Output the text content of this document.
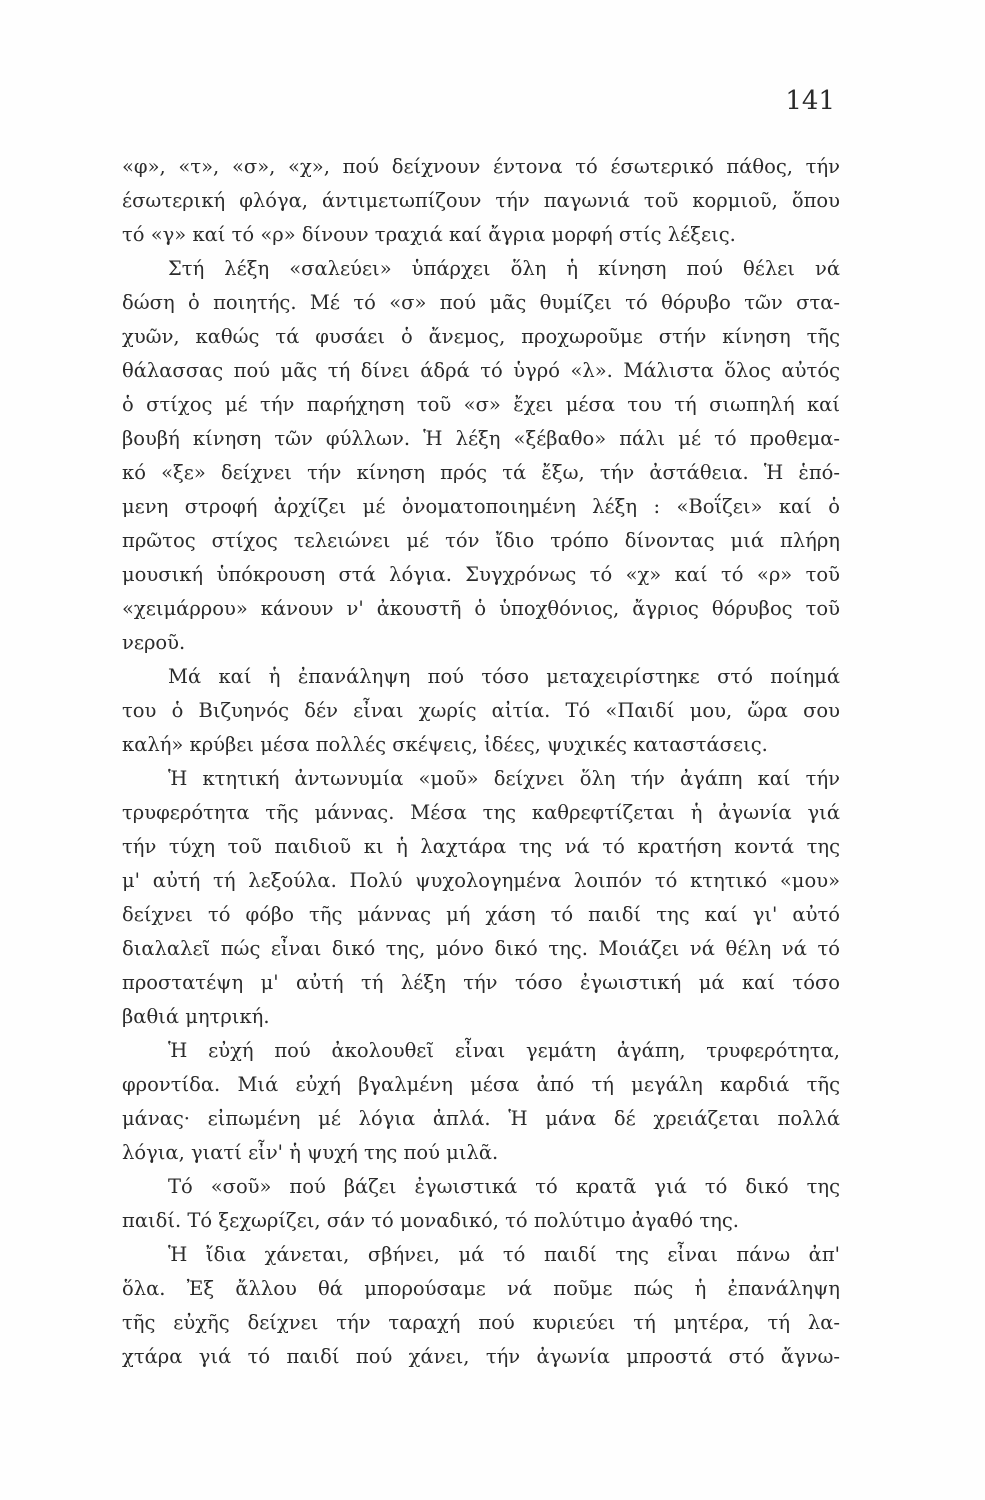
141
«φ», «τ», «σ», «χ», πού δείχνουν έντονα τό έσωτερικό πάθος, τήν
έσωτερική φλόγα, άντιμετωπίζουν τήν παγωνιά τοῦ κορμιοῦ, ὅπου
τό «γ» καί τό «ρ» δίνουν τραχιά καί ἄγρια μορφή στίς λέξεις.
Στή λέξη «σαλεύει» ὑπάρχει ὅλη ἡ κίνηση πού θέλει νά
δώση ὁ ποιητής. Μέ τό «σ» πού μᾶς θυμίζει τό θόρυβο τῶν στα-
χυῶν, καθώς τά φυσάει ὁ ἄνεμος, προχωροῦμε στήν κίνηση τῆς
θάλασσας πού μᾶς τή δίνει άδρά τό ὑγρό «λ». Μάλιστα ὅλος αὐτός
ὁ στίχος μέ τήν παρήχηση τοῦ «σ» ἔχει μέσα του τή σιωπηλή καί
βουβή κίνηση τῶν φύλλων. Ἡ λέξη «ξέβαθο» πάλι μέ τό προθεμα-
κό «ξε» δείχνει τήν κίνηση πρός τά ἔξω, τήν ἀστάθεια. Ἡ ἑπό-
μενη στροφή ἀρχίζει μέ ὀνοματοποιημένη λέξη : «Βοΐζει» καί ὁ
πρῶτος στίχος τελειώνει μέ τόν ἴδιο τρόπο δίνοντας μιά πλήρη
μουσική ὑπόκρουση στά λόγια. Συγχρόνως τό «χ» καί τό «ρ» τοῦ
«χειμάρρου» κάνουν ν' ἀκουστῆ ὁ ὑποχθόνιος, ἄγριος θόρυβος τοῦ
νεροῦ.
Μά καί ἡ ἐπανάληψη πού τόσο μεταχειρίστηκε στό ποίημά
του ὁ Βιζυηνός δέν εἶναι χωρίς αἰτία. Τό «Παιδί μου, ὥρα σου
καλή» κρύβει μέσα πολλές σκέψεις, ἰδέες, ψυχικές καταστάσεις.
Ἡ κτητική ἀντωνυμία «μοῦ» δείχνει ὅλη τήν ἀγάπη καί τήν
τρυφερότητα τῆς μάννας. Μέσα της καθρεφτίζεται ἡ ἀγωνία γιά
τήν τύχη τοῦ παιδιοῦ κι ἡ λαχτάρα της νά τό κρατήση κοντά της
μ' αὐτή τή λεξούλα. Πολύ ψυχολογημένα λοιπόν τό κτητικό «μου»
δείχνει τό φόβο τῆς μάννας μή χάση τό παιδί της καί γι' αὐτό
διαλαλεῖ πώς εἶναι δικό της, μόνο δικό της. Μοιάζει νά θέλη νά τό
προστατέψη μ' αὐτή τή λέξη τήν τόσο ἐγωιστική μά καί τόσο
βαθιά μητρική.
Ἡ εὐχή πού ἀκολουθεῖ εἶναι γεμάτη ἀγάπη, τρυφερότητα,
φροντίδα. Μιά εὐχή βγαλμένη μέσα ἀπό τή μεγάλη καρδιά τῆς
μάνας· εἰπωμένη μέ λόγια ἁπλά. Ἡ μάνα δέ χρειάζεται πολλά
λόγια, γιατί εἶν' ἡ ψυχή της πού μιλᾶ.
Τό «σοῦ» πού βάζει ἐγωιστικά τό κρατᾶ γιά τό δικό της
παιδί. Τό ξεχωρίζει, σάν τό μοναδικό, τό πολύτιμο ἀγαθό της.
Ἡ ἴδια χάνεται, σβήνει, μά τό παιδί της εἶναι πάνω ἀπ'
ὅλα. Ἐξ ἄλλου θά μπορούσαμε νά ποῦμε πώς ἡ ἐπανάληψη
τῆς εὐχῆς δείχνει τήν ταραχή πού κυριεύει τή μητέρα, τή λα-
χτάρα γιά τό παιδί πού χάνει, τήν ἀγωνία μπροστά στό ἄγνω-
